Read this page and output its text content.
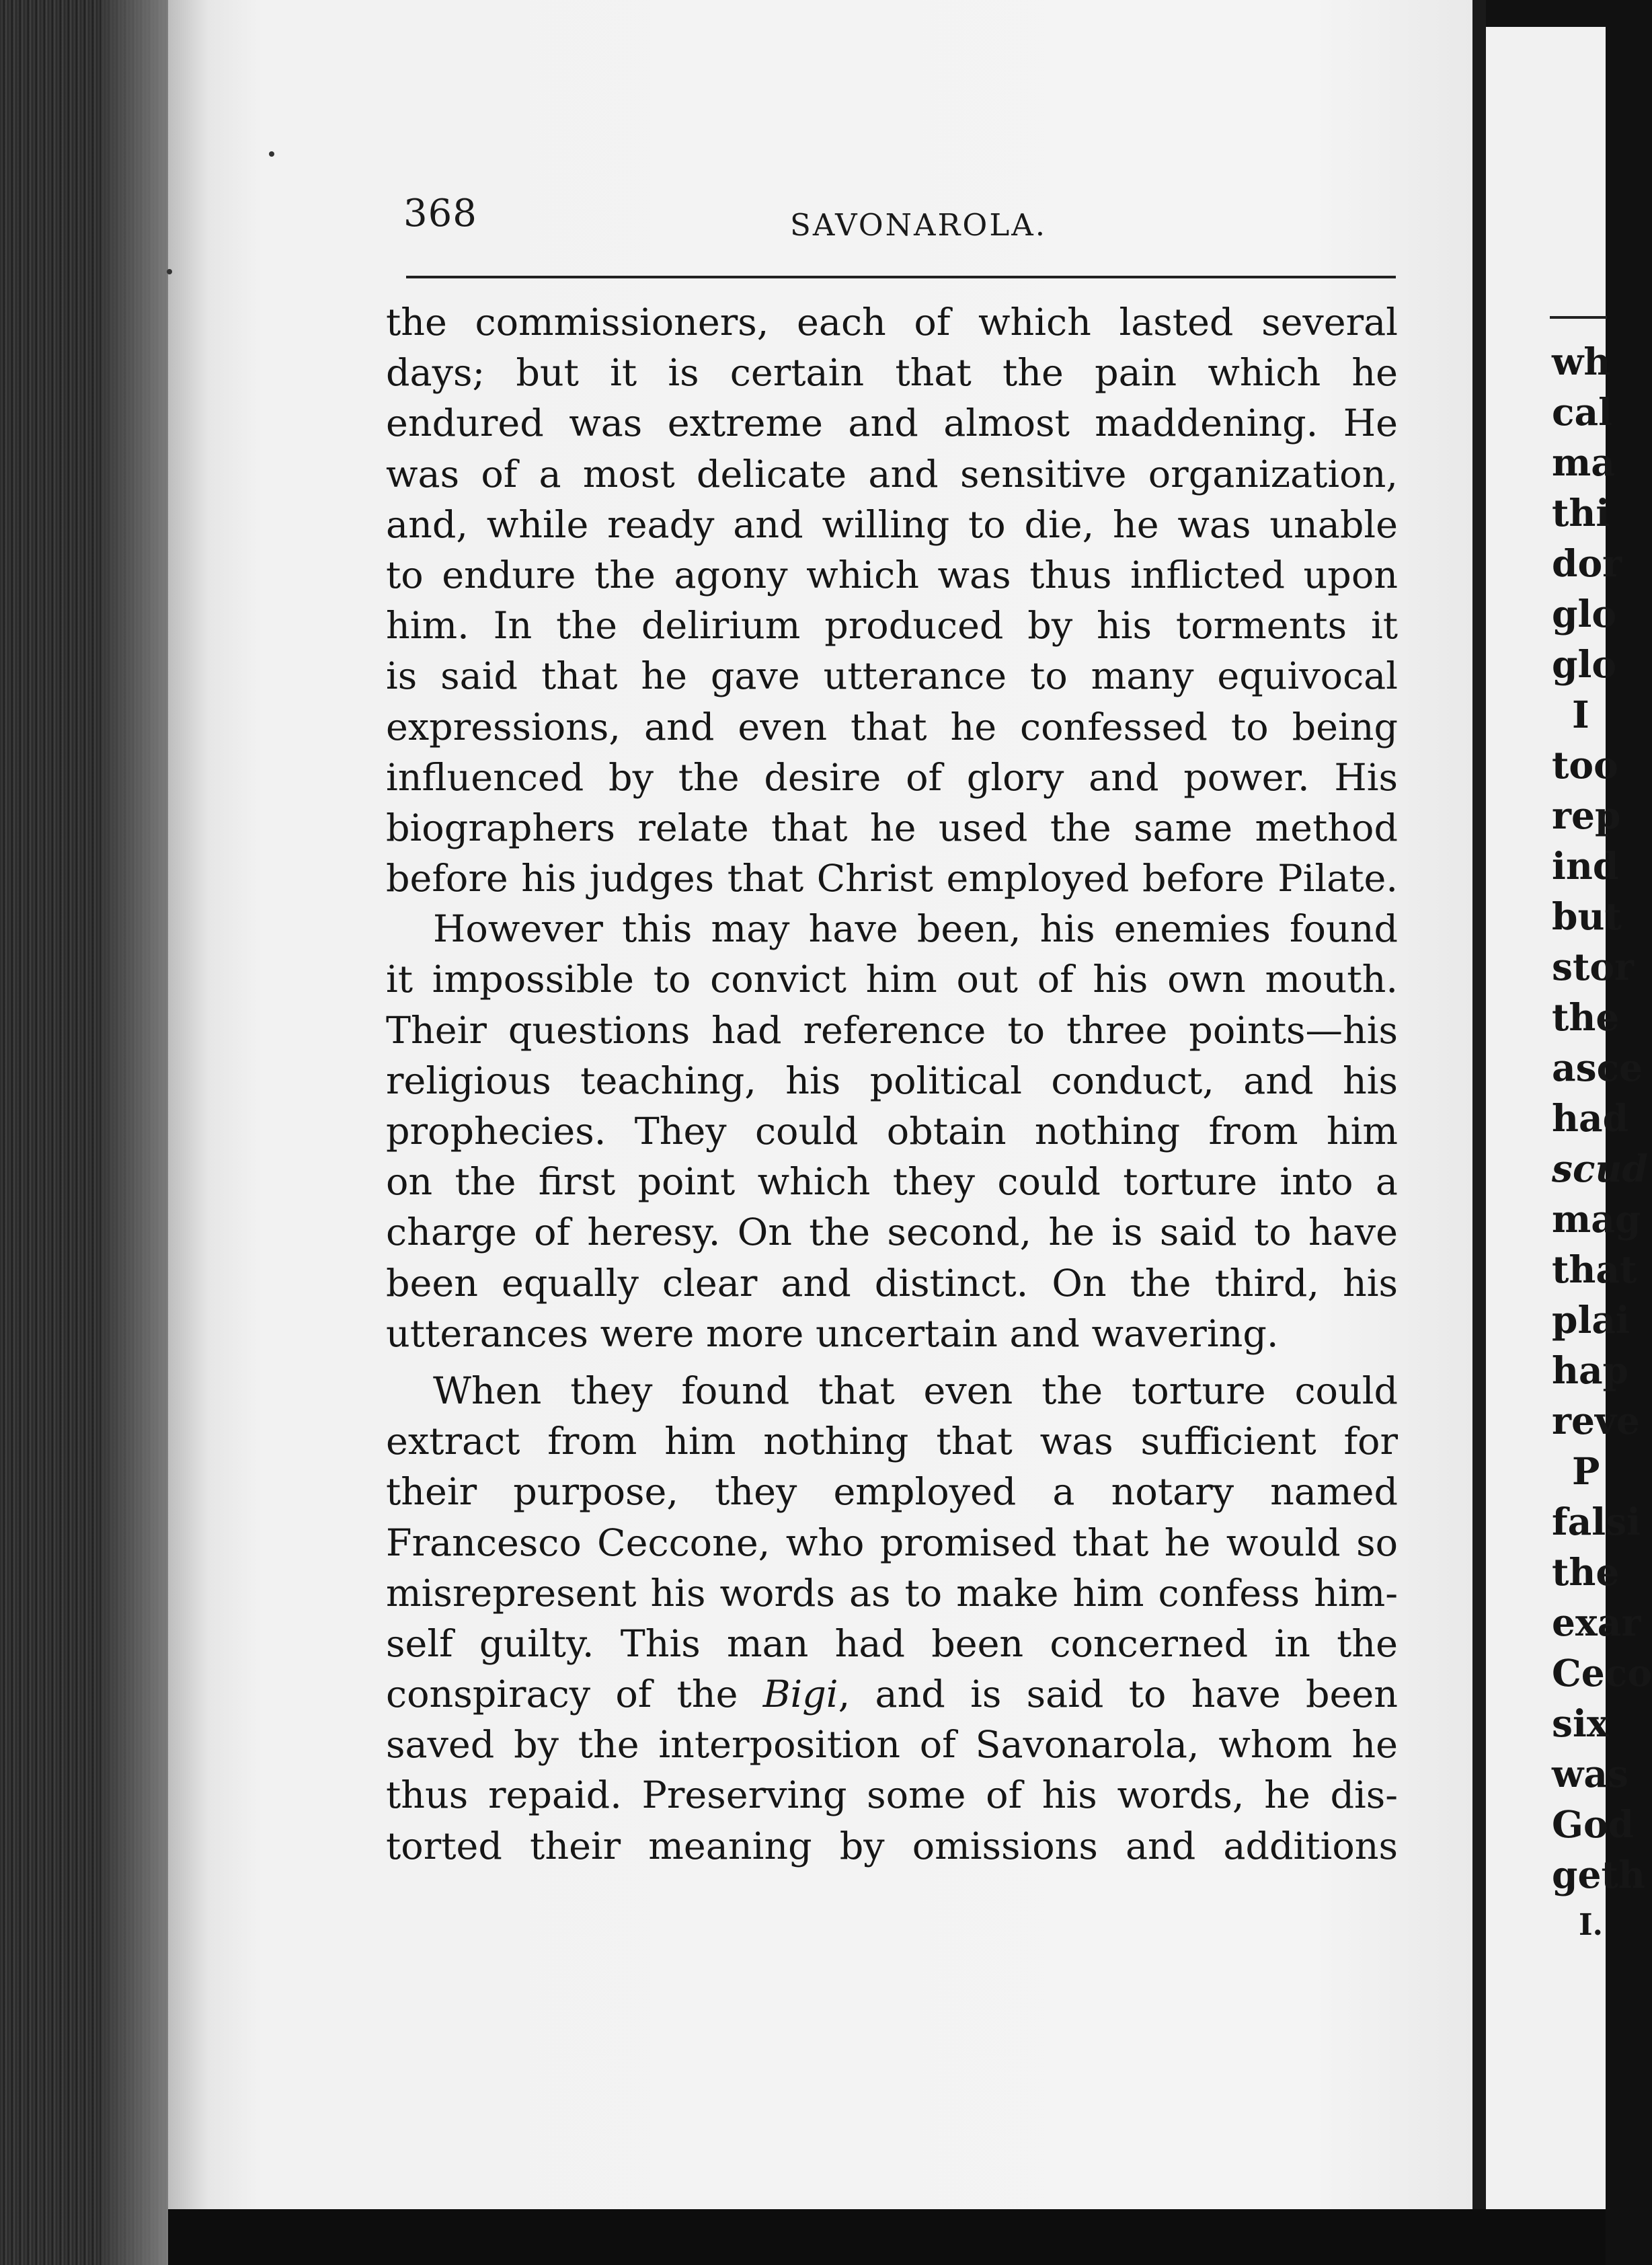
368	SAVONAROLA.
the commissioners, each of which lasted several
days; but it is certain that the pain which he
endured was extreme and almost maddening. He
was of a most delicate and sensitive organization,
and, while ready and willing to die, he was unable
to endure the agony which was thus inflicted upon
him. In the delirium produced by his torments it
is said that he gave utterance to many equivocal
expressions, and even that he confessed to being
influenced by the desire of glory and power. His
biographers relate that he used the same method
before his judges that Christ employed before Pilate.
However this may have been, his enemies found
it impossible to convict him out of his own mouth.
Their questions had reference to three points—his
religious teaching, his political conduct, and his
prophecies. They could obtain nothing from him
on the first point which they could torture into a
charge of heresy. On the second, he is said to have
been equally clear and distinct. On the third, his
utterances were more uncertain and wavering.
When they found that even the torture could
extract from him nothing that was sufficient for
their purpose, they employed a notary named
Francesco Ceccone, who promised that he would so
misrepresent his words as to make him confess him-
self guilty. This man had been concerned in the
conspiracy of the Bigi, and is said to have been
saved by the interposition of Savonarola, whom he
thus repaid. Preserving some of his words, he dis-
torted their meaning by omissions and additions
wh
cal
ma
thi
dor
glo
glo
I
too
rep
ind
but
stor
the
asce
had
scud
mag
that
plai
hap
reve
P
falsi
the
exar
Ceco
six
was
God
geth
I.
